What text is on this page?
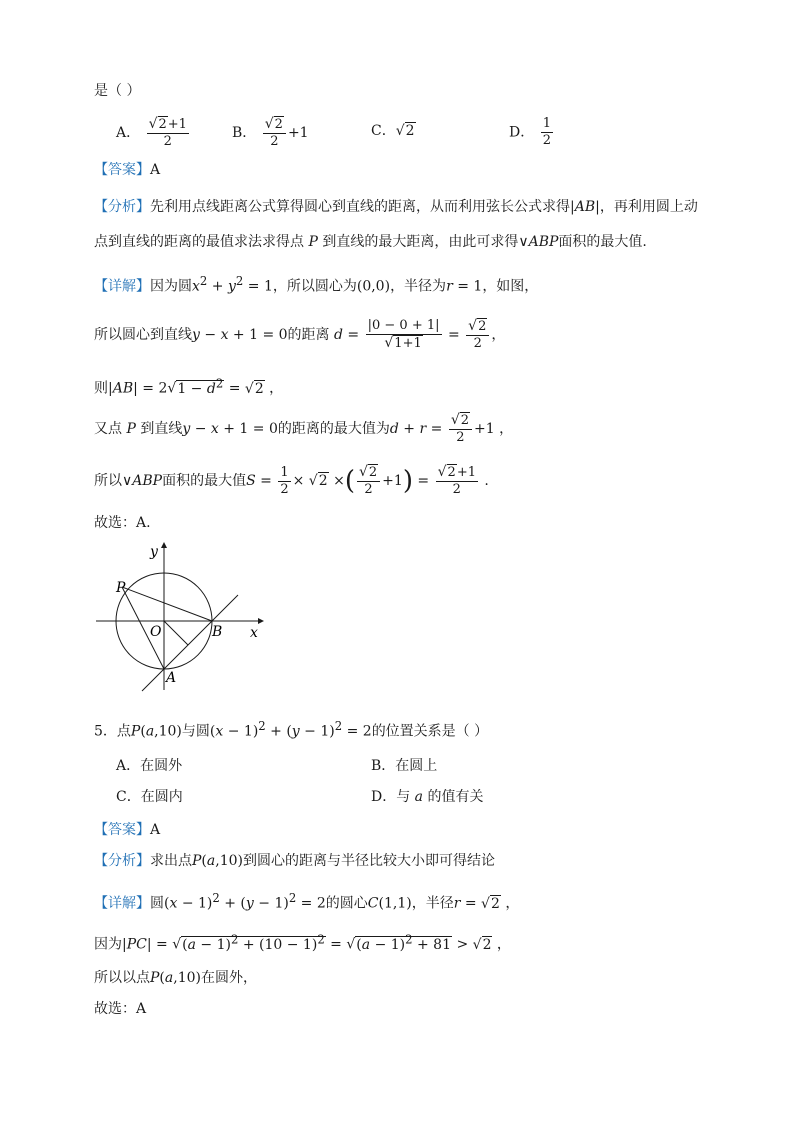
是（ ）
A． $\frac{√2+1}{2}$	B． $\frac{√2}{2} +1$	C．√2	D． $\frac{1}{2}$
【答案】A
【分析】先利用点线距离公式算得圆心到直线的距离，从而利用弦长公式求得|AB|，再利用圆上动
点到直线的距离的最值求法求得点 P 到直线的最大距离，由此可求得∨ABP面积的最大值.
【详解】因为圆$x^2 + y^2 = 1$，所以圆心为(0,0)，半径为r = 1，如图，
所以圆心到直线y − x + 1 = 0的距离 $d = \frac{|0 - 0 + 1|}{√1+1} = \frac{√2}{2}$ ，
则$|AB| = 2√1 - d^2 = √2$ ，
又点 P 到直线y − x + 1 = 0的距离的最大值为$d + r = \frac{√2}{2} +1$ ，
所以∨ABP面积的最大值$S = \frac{1}{2} \times √2$ ×( $\frac{√2}{2} +1) = \frac{√2+1}{2}$ .
故选：A.
y
x
P
O	B
A
5．点P(a,10)与圆$(x - 1)^2 + (y - 1)^2 = 2$的位置关系是（ ）
A．在圆外	B．在圆上
C．在圆内	D．与 a 的值有关
【答案】A
【分析】求出点P(a,10)到圆心的距离与半径比较大小即可得结论
【详解】圆$(x - 1)^2 + (y - 1)^2 = 2$的圆心C(1,1)，半径r = √2 ，
因为$|PC| = √(a - 1)^2 + (10 - 1)^2 = √(a - 1)^2 + 81 > √2$ ，
所以以点P(a,10)在圆外，
故选：A
